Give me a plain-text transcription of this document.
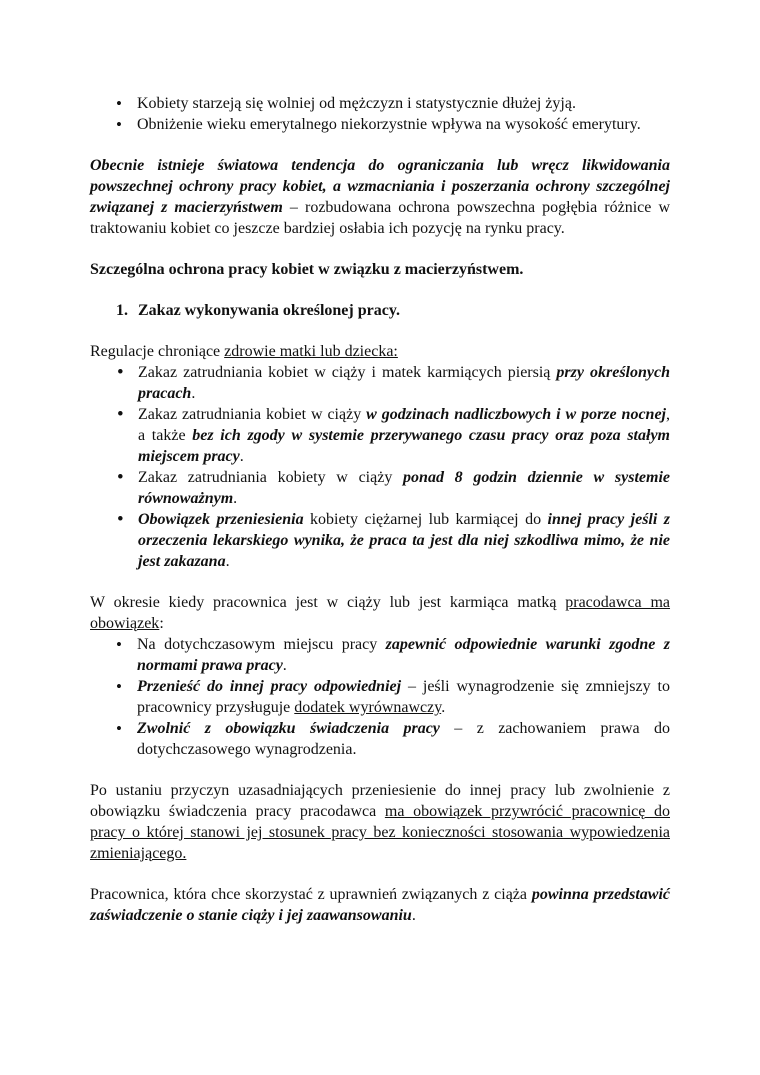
• Kobiety starzeją się wolniej od mężczyzn i statystycznie dłużej żyją.
• Obniżenie wieku emerytalnego niekorzystnie wpływa na wysokość emerytury.

Obecnie istnieje światowa tendencja do ograniczania lub wręcz likwidowania powszechnej ochrony pracy kobiet, a wzmacniania i poszerzania ochrony szczególnej związanej z macierzyństwem – rozbudowana ochrona powszechna pogłębia różnice w traktowaniu kobiet co jeszcze bardziej osłabia ich pozycję na rynku pracy.

Szczególna ochrona pracy kobiet w związku z macierzyństwem.

1. Zakaz wykonywania określonej pracy.

Regulacje chroniące zdrowie matki lub dziecka:

• Zakaz zatrudniania kobiet w ciąży i matek karmiących piersią przy określonych pracach.
• Zakaz zatrudniania kobiet w ciąży w godzinach nadliczbowych i w porze nocnej, a także bez ich zgody w systemie przerywanego czasu pracy oraz poza stałym miejscem pracy.
• Zakaz zatrudniania kobiety w ciąży ponad 8 godzin dziennie w systemie równoważnym.
• Obowiązek przeniesienia kobiety ciężarnej lub karmiącej do innej pracy jeśli z orzeczenia lekarskiego wynika, że praca ta jest dla niej szkodliwa mimo, że nie jest zakazana.

W okresie kiedy pracownica jest w ciąży lub jest karmiąca matką pracodawca ma obowiązek:

• Na dotychczasowym miejscu pracy zapewnić odpowiednie warunki zgodne z normami prawa pracy.
• Przenieść do innej pracy odpowiedniej – jeśli wynagrodzenie się zmniejszy to pracownicy przysługuje dodatek wyrównawczy.
• Zwolnić z obowiązku świadczenia pracy – z zachowaniem prawa do dotychczasowego wynagrodzenia.

Po ustaniu przyczyn uzasadniających przeniesienie do innej pracy lub zwolnienie z obowiązku świadczenia pracy pracodawca ma obowiązek przywrócić pracownicę do pracy o której stanowi jej stosunek pracy bez konieczności stosowania wypowiedzenia zmieniającego.

Pracownica, która chce skorzystać z uprawnień związanych z ciąża powinna przedstawić zaświadczenie o stanie ciąży i jej zaawansowaniu.
